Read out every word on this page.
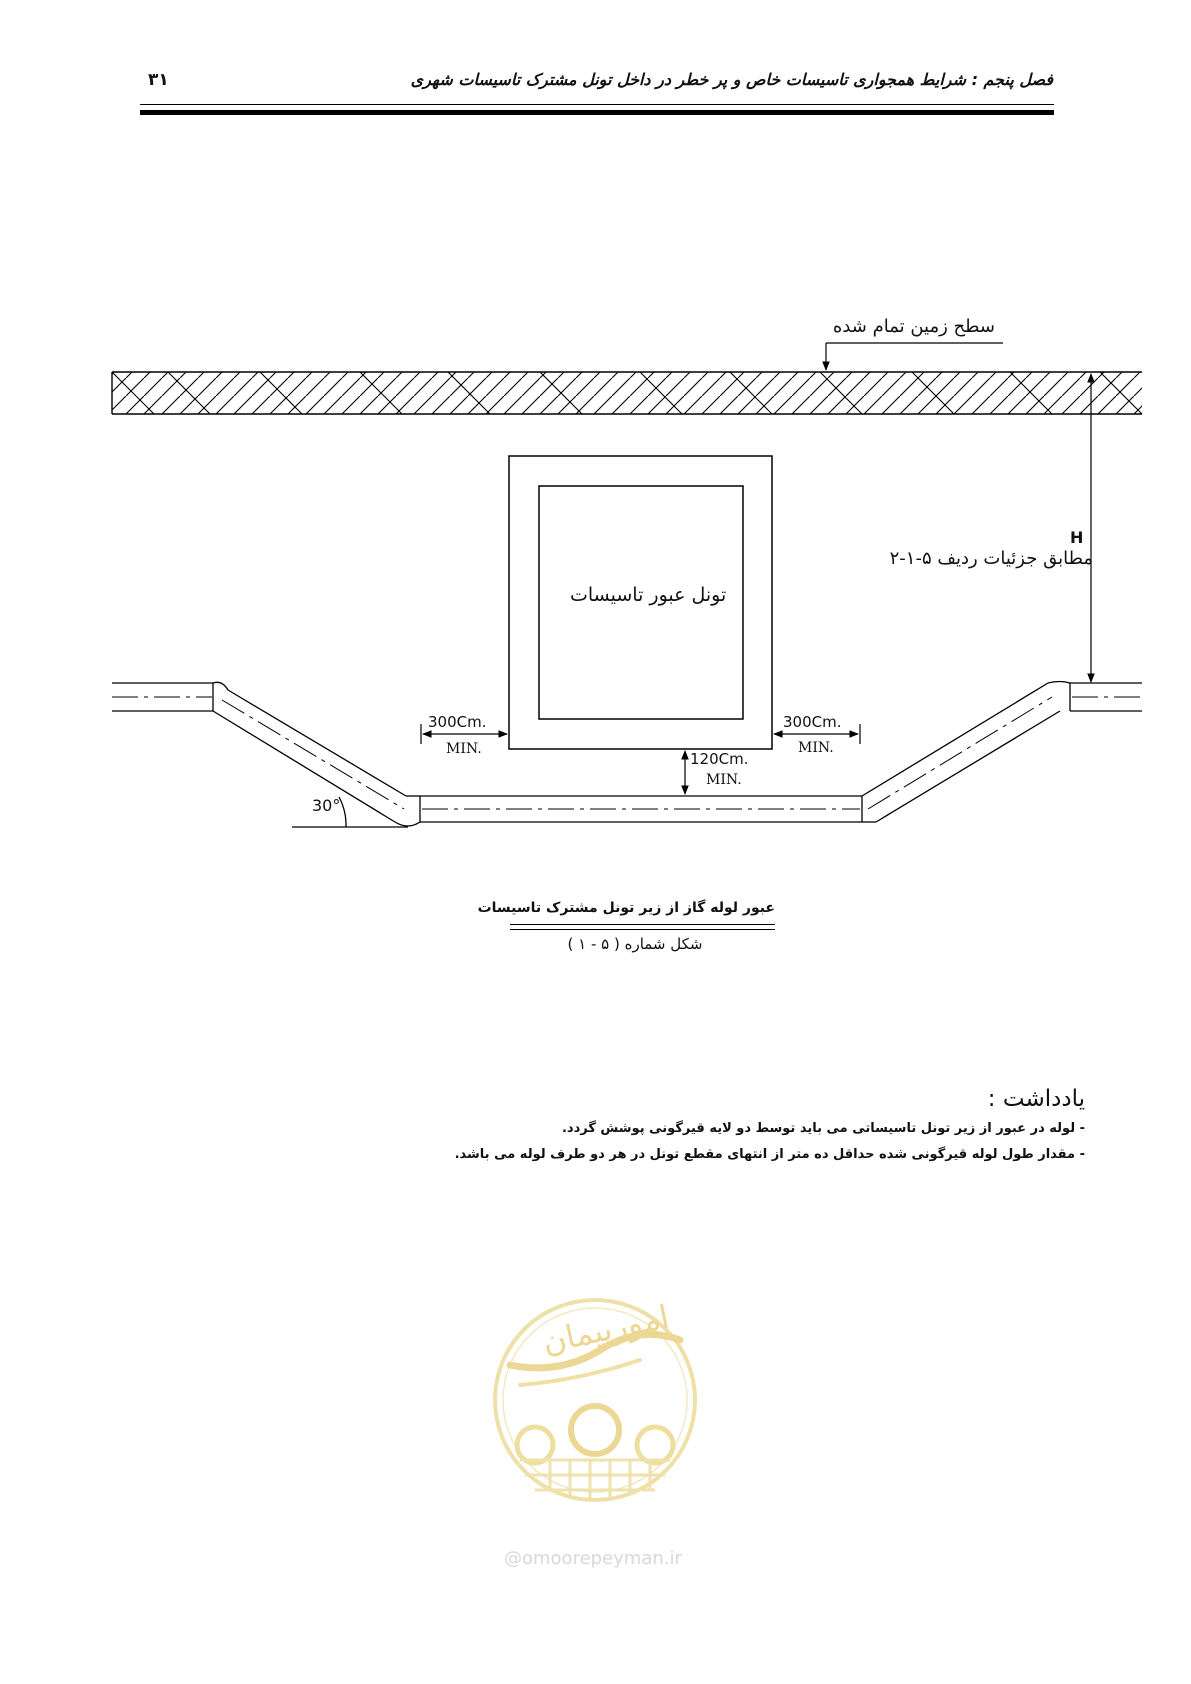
۳۱	فصل پنجم : شرایط همجواری تاسیسات خاص و پر خطر در داخل تونل مشترک تاسیسات شهری
سطح زمین تمام شده
H
مطابق جزئیات ردیف ۵-۱-۲
تونل عبور تاسیسات
300Cm.
MIN.
300Cm.
MIN.
120Cm.
MIN.
30°
عبور لوله گاز از زیر تونل مشترک تاسیسات
شکل شماره ( ۵ - ۱ )
یادداشت :
- لوله در عبور از زیر تونل تاسیساتی می باید توسط دو لایه قیرگونی پوشش گردد.
- مقدار طول لوله قیرگونی شده حداقل ده متر از انتهای مقطع تونل در هر دو طرف لوله می باشد.
امورپیمان
@omoorepeyman.ir
